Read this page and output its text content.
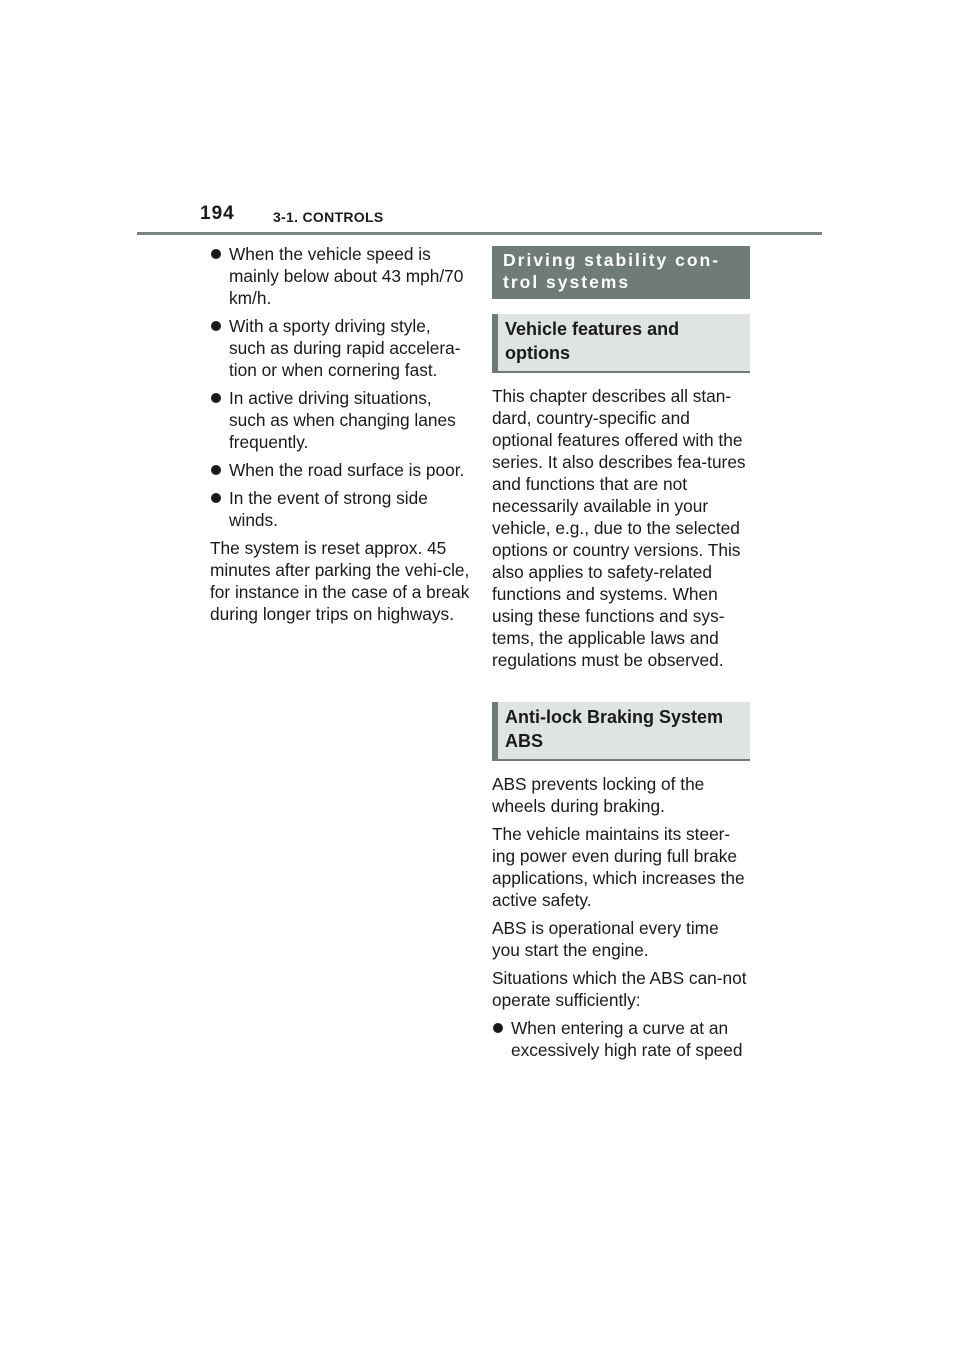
194	3-1. CONTROLS
When the vehicle speed is mainly below about 43 mph/70 km/h.
With a sporty driving style, such as during rapid accelera-tion or when cornering fast.
In active driving situations, such as when changing lanes frequently.
When the road surface is poor.
In the event of strong side winds.

The system is reset approx. 45 minutes after parking the vehi-cle, for instance in the case of a break during longer trips on highways.

Driving stability con-trol systems
Vehicle features and options

This chapter describes all stan-dard, country-specific and optional features offered with the series. It also describes fea-tures and functions that are not necessarily available in your vehicle, e.g., due to the selected options or country versions. This also applies to safety-related functions and systems. When using these functions and sys-tems, the applicable laws and regulations must be observed.

Anti-lock Braking System ABS

ABS prevents locking of the wheels during braking.

The vehicle maintains its steer-ing power even during full brake applications, which increases the active safety.

ABS is operational every time you start the engine.

Situations which the ABS can-not operate sufficiently:

When entering a curve at an excessively high rate of speed
